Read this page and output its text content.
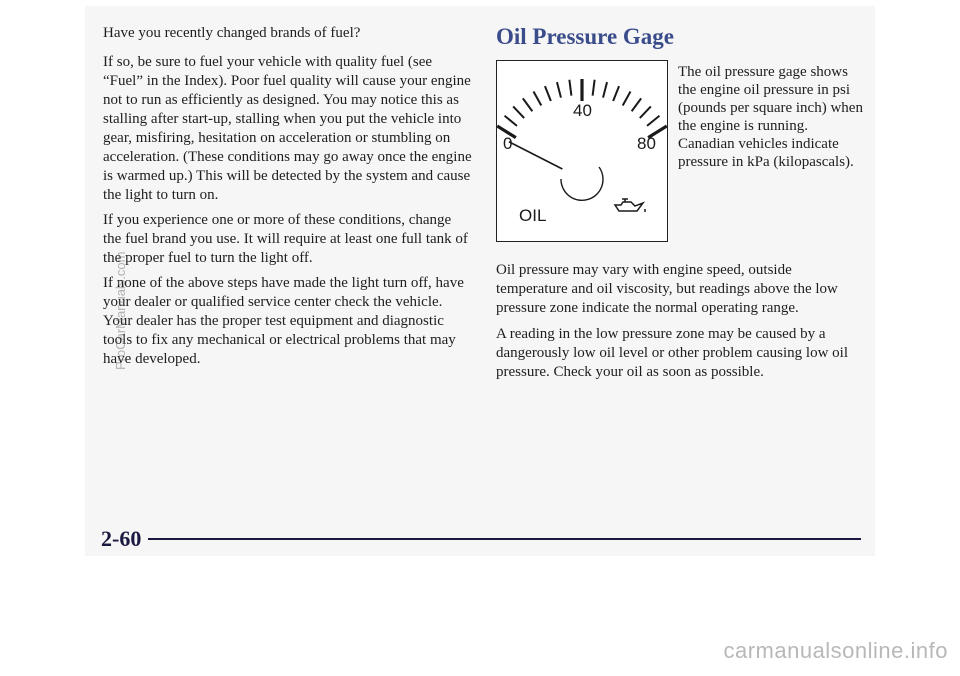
Have you recently changed brands of fuel?

If so, be sure to fuel your vehicle with quality fuel (see “Fuel” in the Index). Poor fuel quality will cause your engine not to run as efficiently as designed. You may notice this as stalling after start-up, stalling when you put the vehicle into gear, misfiring, hesitation on acceleration or stumbling on acceleration. (These conditions may go away once the engine is warmed up.) This will be detected by the system and cause the light to turn on.

If you experience one or more of these conditions, change the fuel brand you use. It will require at least one full tank of the proper fuel to turn the light off.

If none of the above steps have made the light turn off, have your dealer or qualified service center check the vehicle. Your dealer has the proper test equipment and diagnostic tools to fix any mechanical or electrical problems that may have developed.

Oil Pressure Gage
40
0	80
OIL

The oil pressure gage shows the engine oil pressure in psi (pounds per square inch) when the engine is running. Canadian vehicles indicate pressure in kPa (kilopascals).

Oil pressure may vary with engine speed, outside temperature and oil viscosity, but readings above the low pressure zone indicate the normal operating range.

A reading in the low pressure zone may be caused by a dangerously low oil level or other problem causing low oil pressure. Check your oil as soon as possible.

2-60

ProCarManuals.com

carmanualsonline.info
